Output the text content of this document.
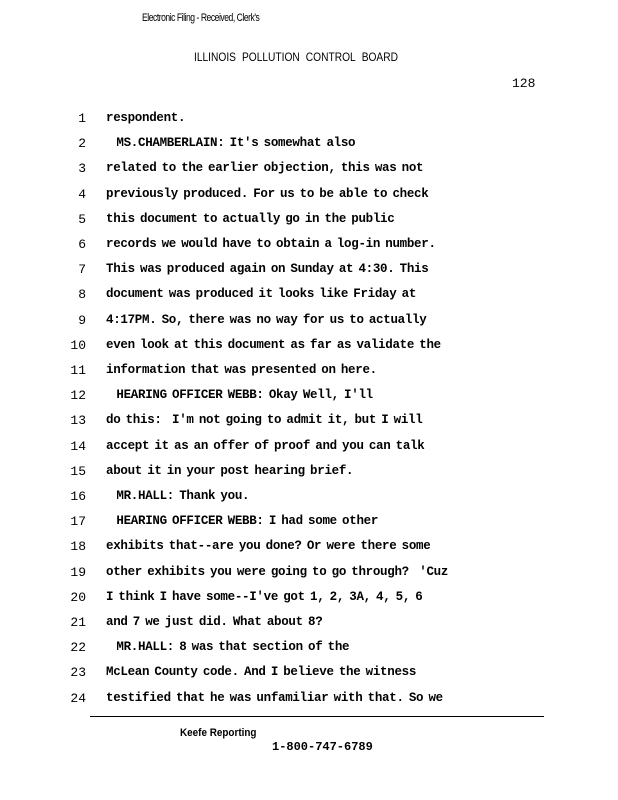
Electronic Filing - Received, Clerk's
ILLINOIS POLLUTION CONTROL BOARD
128
1 respondent.
2 MS.CHAMBERLAIN: It's somewhat also
3 related to the earlier objection, this was not
4 previously produced. For us to be able to check
5 this document to actually go in the public
6 records we would have to obtain a log-in number.
7 This was produced again on Sunday at 4:30. This
8 document was produced it looks like Friday at
9 4:17PM. So, there was no way for us to actually
10 even look at this document as far as validate the
11 information that was presented on here.
12 HEARING OFFICER WEBB: Okay Well, I'll
13 do this:  I'm not going to admit it, but I will
14 accept it as an offer of proof and you can talk
15 about it in your post hearing brief.
16 MR.HALL: Thank you.
17 HEARING OFFICER WEBB: I had some other
18 exhibits that--are you done? Or were there some
19 other exhibits you were going to go through?  'Cuz
20 I think I have some--I've got 1, 2, 3A, 4, 5, 6
21 and 7 we just did. What about 8?
22 MR.HALL: 8 was that section of the
23 McLean County code. And I believe the witness
24 testified that he was unfamiliar with that. So we
Keefe Reporting
1-800-747-6789
